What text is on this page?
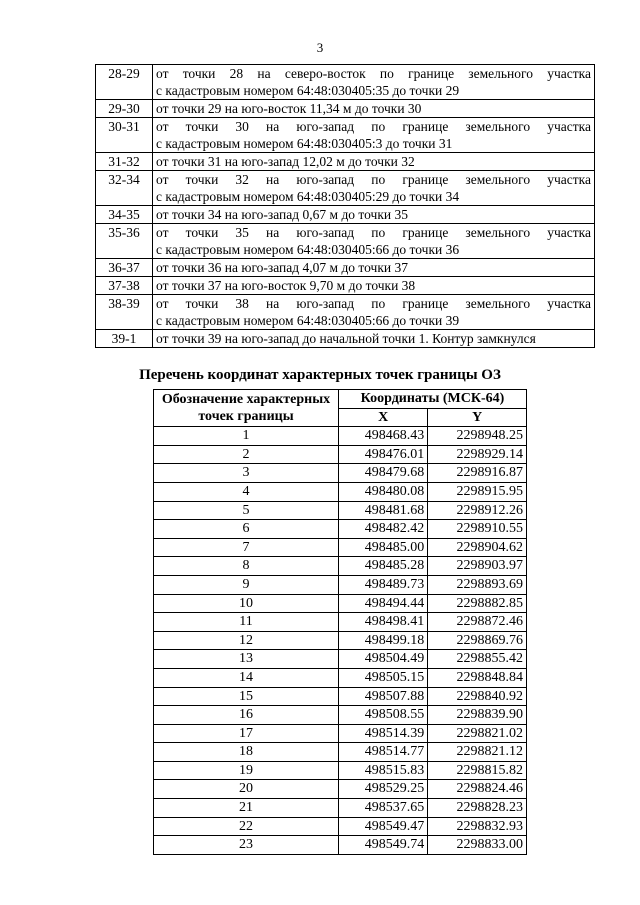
3
28-29	от точки 28 на северо-восток по границе земельного участка
с кадастровым номером 64:48:030405:35 до точки 29

29-30	от точки 29 на юго-восток 11,34 м до точки 30

30-31	от точки 30 на юго-запад по границе земельного участка
с кадастровым номером 64:48:030405:3 до точки 31

31-32	от точки 31 на юго-запад 12,02 м до точки 32

32-34	от точки 32 на юго-запад по границе земельного участка
с кадастровым номером 64:48:030405:29 до точки 34

34-35	от точки 34 на юго-запад 0,67 м до точки 35

35-36	от точки 35 на юго-запад по границе земельного участка
с кадастровым номером 64:48:030405:66 до точки 36

36-37	от точки 36 на юго-запад 4,07 м до точки 37

37-38	от точки 37 на юго-восток 9,70 м до точки 38

38-39	от точки 38 на юго-запад по границе земельного участка
с кадастровым номером 64:48:030405:66 до точки 39

39-1	от точки 39 на юго-запад до начальной точки 1. Контур замкнулся
Перечень координат характерных точек границы ОЗ
Обозначение характерных
точек границы	Координаты (МСК-64)	
	X	Y
1	498468.43	2298948.25
2	498476.01	2298929.14
3	498479.68	2298916.87
4	498480.08	2298915.95
5	498481.68	2298912.26
6	498482.42	2298910.55
7	498485.00	2298904.62
8	498485.28	2298903.97
9	498489.73	2298893.69
10	498494.44	2298882.85
11	498498.41	2298872.46
12	498499.18	2298869.76
13	498504.49	2298855.42
14	498505.15	2298848.84
15	498507.88	2298840.92
16	498508.55	2298839.90
17	498514.39	2298821.02
18	498514.77	2298821.12
19	498515.83	2298815.82
20	498529.25	2298824.46
21	498537.65	2298828.23
22	498549.47	2298832.93
23	498549.74	2298833.00
